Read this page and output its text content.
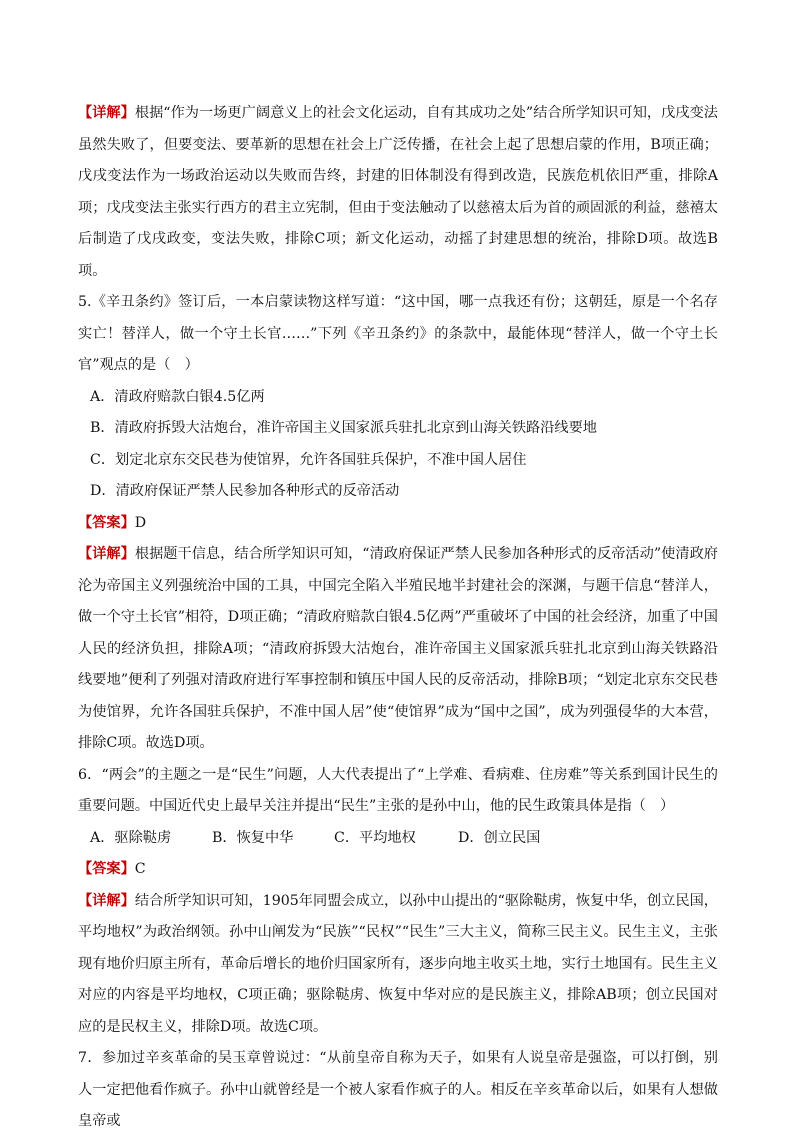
【详解】根据“作为一场更广阔意义上的社会文化运动，自有其成功之处”结合所学知识可知，戊戌变法虽然失败了，但要变法、要革新的思想在社会上广泛传播，在社会上起了思想启蒙的作用，B项正确；戊戌变法作为一场政治运动以失败而告终，封建的旧体制没有得到改造，民族危机依旧严重，排除A项；戊戌变法主张实行西方的君主立宪制，但由于变法触动了以慈禧太后为首的顽固派的利益，慈禧太后制造了戊戌政变，变法失败，排除C项；新文化运动，动摇了封建思想的统治，排除D项。故选B项。

5.《辛丑条约》签订后，一本启蒙读物这样写道：“这中国，哪一点我还有份；这朝廷，原是一个名存实亡！替洋人，做一个守土长官……”下列《辛丑条约》的条款中，最能体现“替洋人，做一个守土长官”观点的是（　）

A．清政府赔款白银4.5亿两

B．清政府拆毁大沽炮台，准许帝国主义国家派兵驻扎北京到山海关铁路沿线要地

C．划定北京东交民巷为使馆界，允许各国驻兵保护，不准中国人居住

D．清政府保证严禁人民参加各种形式的反帝活动

【答案】D

【详解】根据题干信息，结合所学知识可知，“清政府保证严禁人民参加各种形式的反帝活动”使清政府沦为帝国主义列强统治中国的工具，中国完全陷入半殖民地半封建社会的深渊，与题干信息“替洋人，做一个守土长官”相符，D项正确；“清政府赔款白银4.5亿两”严重破坏了中国的社会经济，加重了中国人民的经济负担，排除A项；“清政府拆毁大沽炮台，准许帝国主义国家派兵驻扎北京到山海关铁路沿线要地”便利了列强对清政府进行军事控制和镇压中国人民的反帝活动，排除B项；“划定北京东交民巷为使馆界，允许各国驻兵保护，不准中国人居”使“使馆界”成为“国中之国”，成为列强侵华的大本营，排除C项。故选D项。

6．“两会”的主题之一是“民生”问题，人大代表提出了“上学难、看病难、住房难”等关系到国计民生的重要问题。中国近代史上最早关注并提出“民生”主张的是孙中山，他的民生政策具体是指（　）

A．驱除鞑虏	B．恢复中华	C．平均地权	D．创立民国

【答案】C

【详解】结合所学知识可知，1905年同盟会成立，以孙中山提出的“驱除鞑虏，恢复中华，创立民国，平均地权”为政治纲领。孙中山阐发为“民族”“民权”“民生”三大主义，简称三民主义。民生主义，主张现有地价归原主所有，革命后增长的地价归国家所有，逐步向地主收买土地，实行土地国有。民生主义对应的内容是平均地权，C项正确；驱除鞑虏、恢复中华对应的是民族主义，排除AB项；创立民国对应的是民权主义，排除D项。故选C项。

7．参加过辛亥革命的吴玉章曾说过：“从前皇帝自称为天子，如果有人说皇帝是强盗，可以打倒，别人一定把他看作疯子。孙中山就曾经是一个被人家看作疯子的人。相反在辛亥革命以后，如果有人想做皇帝或
